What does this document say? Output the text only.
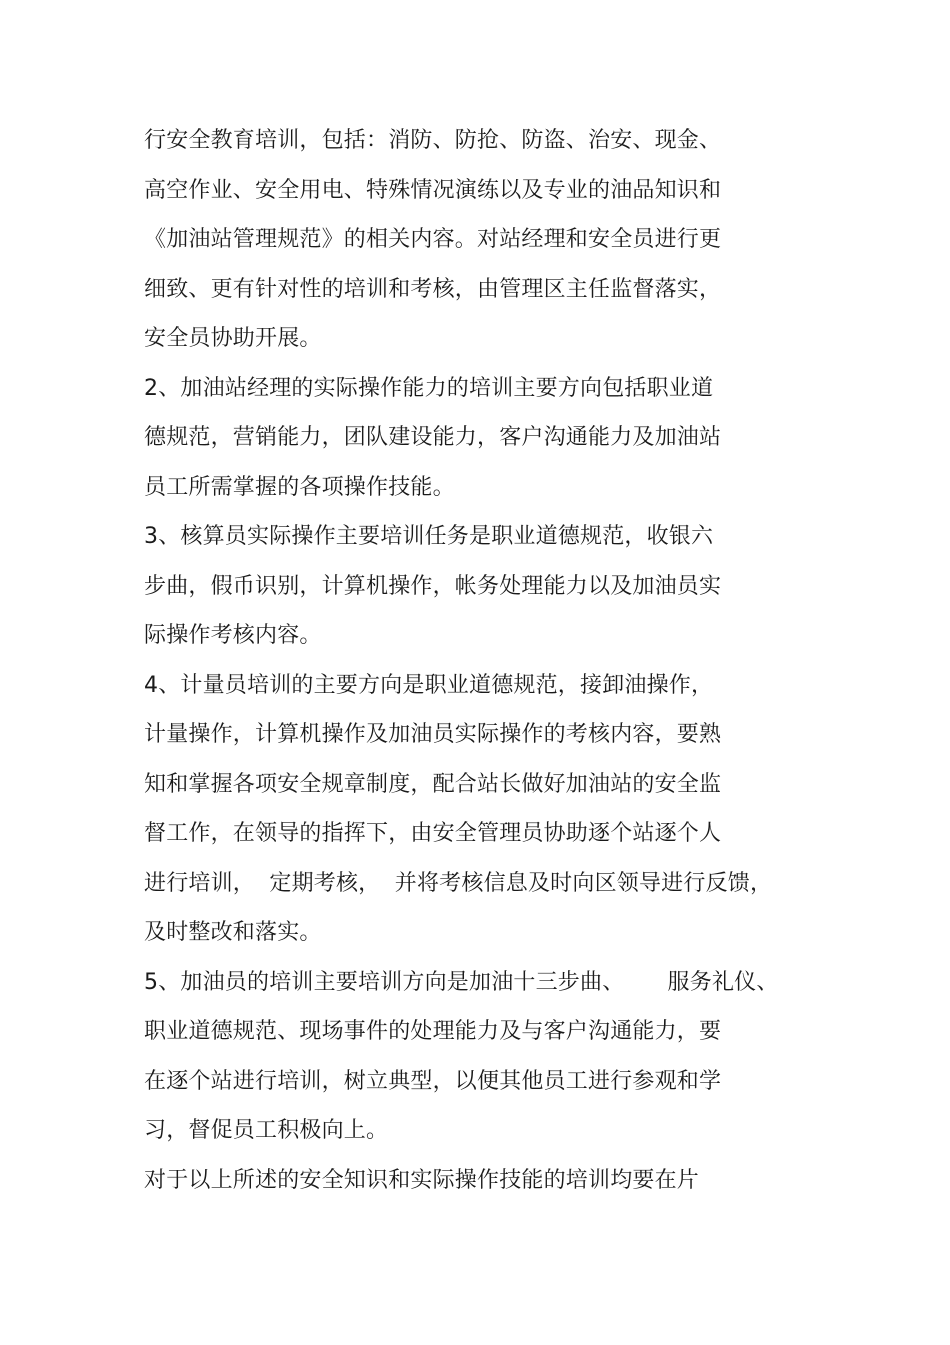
行安全教育培训，包括：消防、防抢、防盗、治安、现金、
高空作业、安全用电、特殊情况演练以及专业的油品知识和
《加油站管理规范》的相关内容。对站经理和安全员进行更
细致、更有针对性的培训和考核，由管理区主任监督落实，
安全员协助开展。
2、加油站经理的实际操作能力的培训主要方向包括职业道
德规范，营销能力，团队建设能力，客户沟通能力及加油站
员工所需掌握的各项操作技能。
3、核算员实际操作主要培训任务是职业道德规范，收银六
步曲，假币识别，计算机操作，帐务处理能力以及加油员实
际操作考核内容。
4、计量员培训的主要方向是职业道德规范，接卸油操作，
计量操作，计算机操作及加油员实际操作的考核内容，要熟
知和掌握各项安全规章制度，配合站长做好加油站的安全监
督工作，在领导的指挥下，由安全管理员协助逐个站逐个人
进行培训，  定期考核，  并将考核信息及时向区领导进行反馈，
及时整改和落实。
5、加油员的培训主要培训方向是加油十三步曲、      服务礼仪、
职业道德规范、现场事件的处理能力及与客户沟通能力，要
在逐个站进行培训，树立典型，以便其他员工进行参观和学
习，督促员工积极向上。
对于以上所述的安全知识和实际操作技能的培训均要在片
